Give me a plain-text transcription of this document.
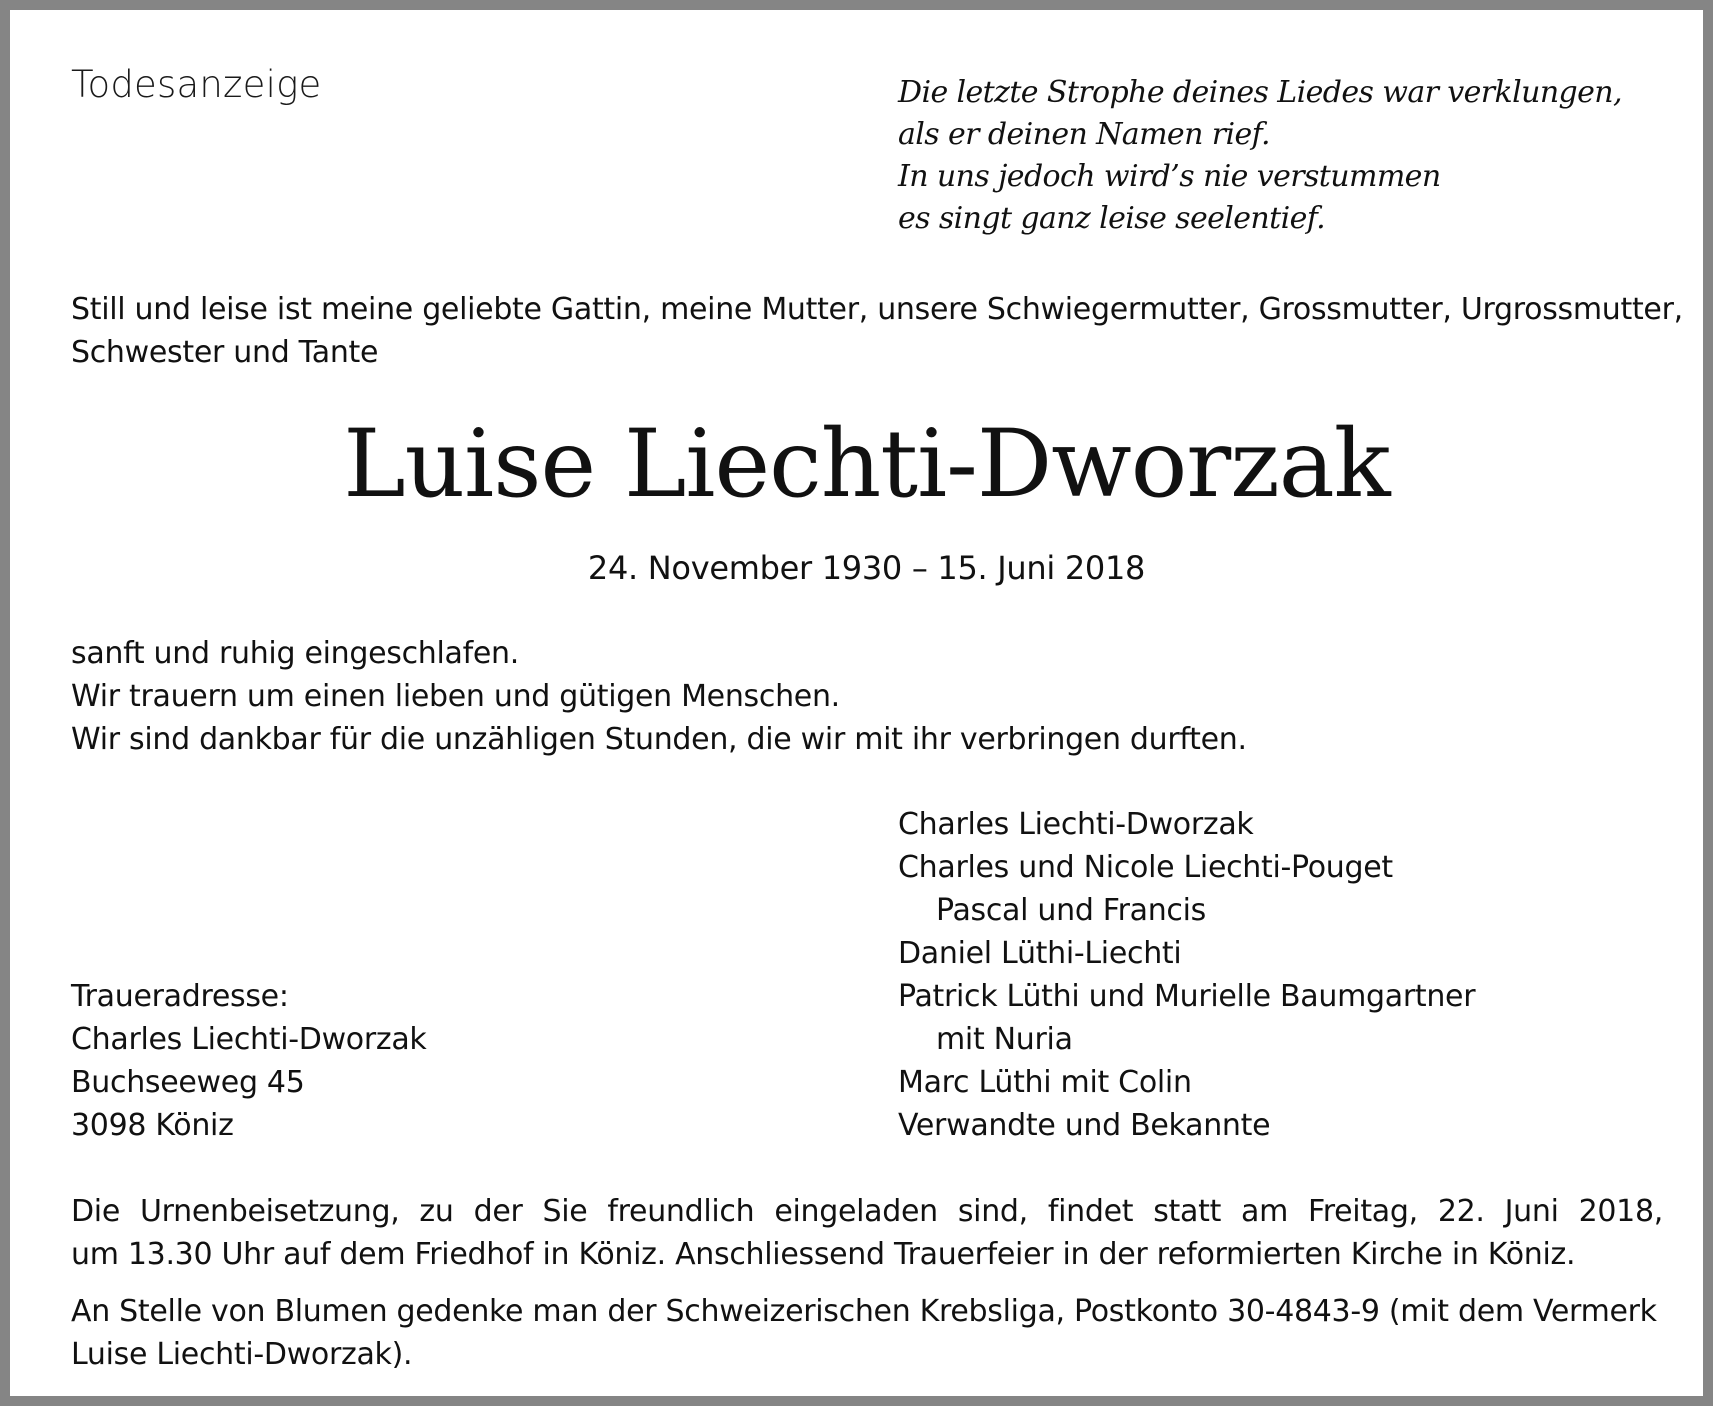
Todesanzeige	Die letzte Strophe deines Liedes war verklungen,
als er deinen Namen rief.
In uns jedoch wird’s nie verstummen
es singt ganz leise seelentief.
Still und leise ist meine geliebte Gattin, meine Mutter, unsere Schwiegermutter, Grossmutter, Urgrossmutter,
Schwester und Tante
Luise Liechti-Dworzak
24. November 1930 – 15. Juni 2018
sanft und ruhig eingeschlafen.
Wir trauern um einen lieben und gütigen Menschen.
Wir sind dankbar für die unzähligen Stunden, die wir mit ihr verbringen durften.
Charles Liechti-Dworzak
Charles und Nicole Liechti-Pouget
Pascal und Francis
Daniel Lüthi-Liechti
Patrick Lüthi und Murielle Baumgartner
mit Nuria
Marc Lüthi mit Colin
Verwandte und Bekannte
Traueradresse:
Charles Liechti-Dworzak
Buchseeweg 45
3098 Köniz
Die Urnenbeisetzung, zu der Sie freundlich eingeladen sind, findet statt am Freitag, 22. Juni 2018,
um 13.30 Uhr auf dem Friedhof in Köniz. Anschliessend Trauerfeier in der reformierten Kirche in Köniz.
An Stelle von Blumen gedenke man der Schweizerischen Krebsliga, Postkonto 30-4843-9 (mit dem Vermerk
Luise Liechti-Dworzak).
